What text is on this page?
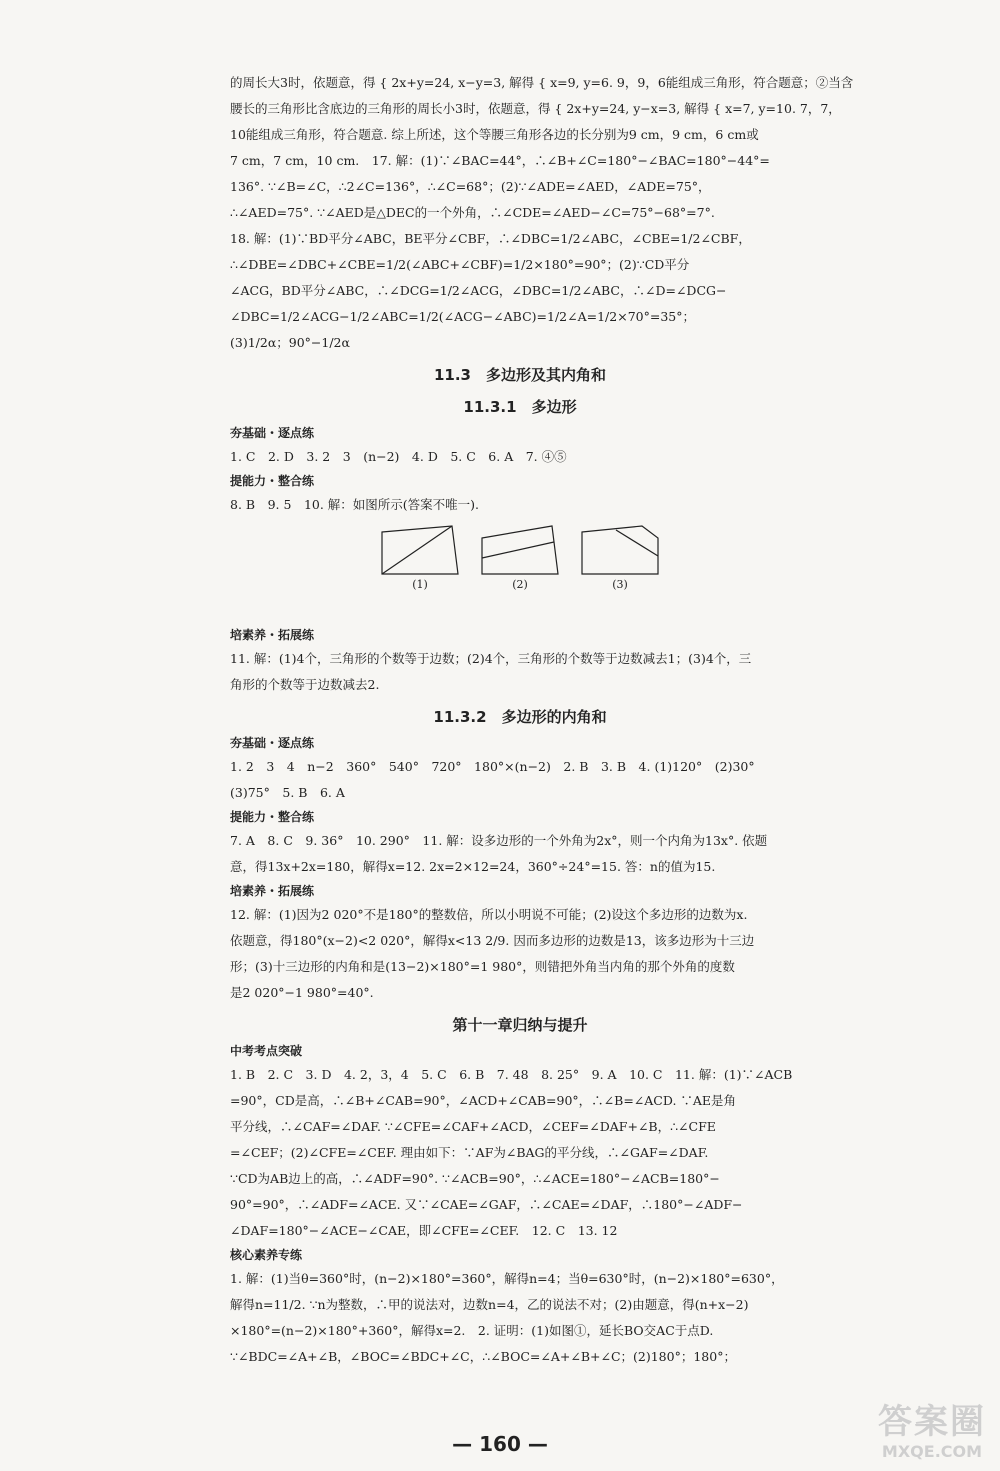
的周长大3时，依题意，得 { 2x+y=24, x−y=3, 解得 { x=9, y=6. 9，9，6能组成三角形，符合题意；②当含
腰长的三角形比含底边的三角形的周长小3时，依题意，得 { 2x+y=24, y−x=3, 解得 { x=7, y=10. 7，7，
10能组成三角形，符合题意. 综上所述，这个等腰三角形各边的长分别为9 cm，9 cm，6 cm或
7 cm，7 cm，10 cm.　17. 解：(1)∵∠BAC=44°，∴∠B+∠C=180°−∠BAC=180°−44°=
136°. ∵∠B=∠C，∴2∠C=136°，∴∠C=68°；(2)∵∠ADE=∠AED，∠ADE=75°，
∴∠AED=75°. ∵∠AED是△DEC的一个外角，∴∠CDE=∠AED−∠C=75°−68°=7°.
18. 解：(1)∵BD平分∠ABC，BE平分∠CBF，∴∠DBC=1/2∠ABC，∠CBE=1/2∠CBF，
∴∠DBE=∠DBC+∠CBE=1/2(∠ABC+∠CBF)=1/2×180°=90°；(2)∵CD平分
∠ACG，BD平分∠ABC，∴∠DCG=1/2∠ACG，∠DBC=1/2∠ABC，∴∠D=∠DCG−
∠DBC=1/2∠ACG−1/2∠ABC=1/2(∠ACG−∠ABC)=1/2∠A=1/2×70°=35°；
(3)1/2α；90°−1/2α
11.3　多边形及其内角和
11.3.1　多边形
夯基础・逐点练
1. C　2. D　3. 2　3　(n−2)　4. D　5. C　6. A　7. ④⑤
提能力・整合练
8. B　9. 5　10. 解：如图所示(答案不唯一).
(1)	(2)	(3)
培素养・拓展练
11. 解：(1)4个，三角形的个数等于边数；(2)4个，三角形的个数等于边数减去1；(3)4个，三
角形的个数等于边数减去2.
11.3.2　多边形的内角和
夯基础・逐点练
1. 2　3　4　n−2　360°　540°　720°　180°×(n−2)　2. B　3. B　4. (1)120°　(2)30°
(3)75°　5. B　6. A
提能力・整合练
7. A　8. C　9. 36°　10. 290°　11. 解：设多边形的一个外角为2x°，则一个内角为13x°. 依题
意，得13x+2x=180，解得x=12. 2x=2×12=24，360°÷24°=15. 答：n的值为15.
培素养・拓展练
12. 解：(1)因为2 020°不是180°的整数倍，所以小明说不可能；(2)设这个多边形的边数为x.
依题意，得180°(x−2)<2 020°，解得x<13 2/9. 因而多边形的边数是13，该多边形为十三边
形；(3)十三边形的内角和是(13−2)×180°=1 980°，则错把外角当内角的那个外角的度数
是2 020°−1 980°=40°.
第十一章归纳与提升
中考考点突破
1. B　2. C　3. D　4. 2，3，4　5. C　6. B　7. 48　8. 25°　9. A　10. C　11. 解：(1)∵∠ACB
=90°，CD是高，∴∠B+∠CAB=90°，∠ACD+∠CAB=90°，∴∠B=∠ACD. ∵AE是角
平分线，∴∠CAF=∠DAF. ∵∠CFE=∠CAF+∠ACD，∠CEF=∠DAF+∠B，∴∠CFE
=∠CEF；(2)∠CFE=∠CEF. 理由如下：∵AF为∠BAG的平分线，∴∠GAF=∠DAF.
∵CD为AB边上的高，∴∠ADF=90°. ∵∠ACB=90°，∴∠ACE=180°−∠ACB=180°−
90°=90°，∴∠ADF=∠ACE. 又∵∠CAE=∠GAF，∴∠CAE=∠DAF，∴180°−∠ADF−
∠DAF=180°−∠ACE−∠CAE，即∠CFE=∠CEF.　12. C　13. 12
核心素养专练
1. 解：(1)当θ=360°时，(n−2)×180°=360°，解得n=4；当θ=630°时，(n−2)×180°=630°，
解得n=11/2. ∵n为整数，∴甲的说法对，边数n=4，乙的说法不对；(2)由题意，得(n+x−2)
×180°=(n−2)×180°+360°，解得x=2.　2. 证明：(1)如图①，延长BO交AC于点D.
∵∠BDC=∠A+∠B，∠BOC=∠BDC+∠C，∴∠BOC=∠A+∠B+∠C；(2)180°；180°；
— 160 —
答案圈
MXQE.COM
